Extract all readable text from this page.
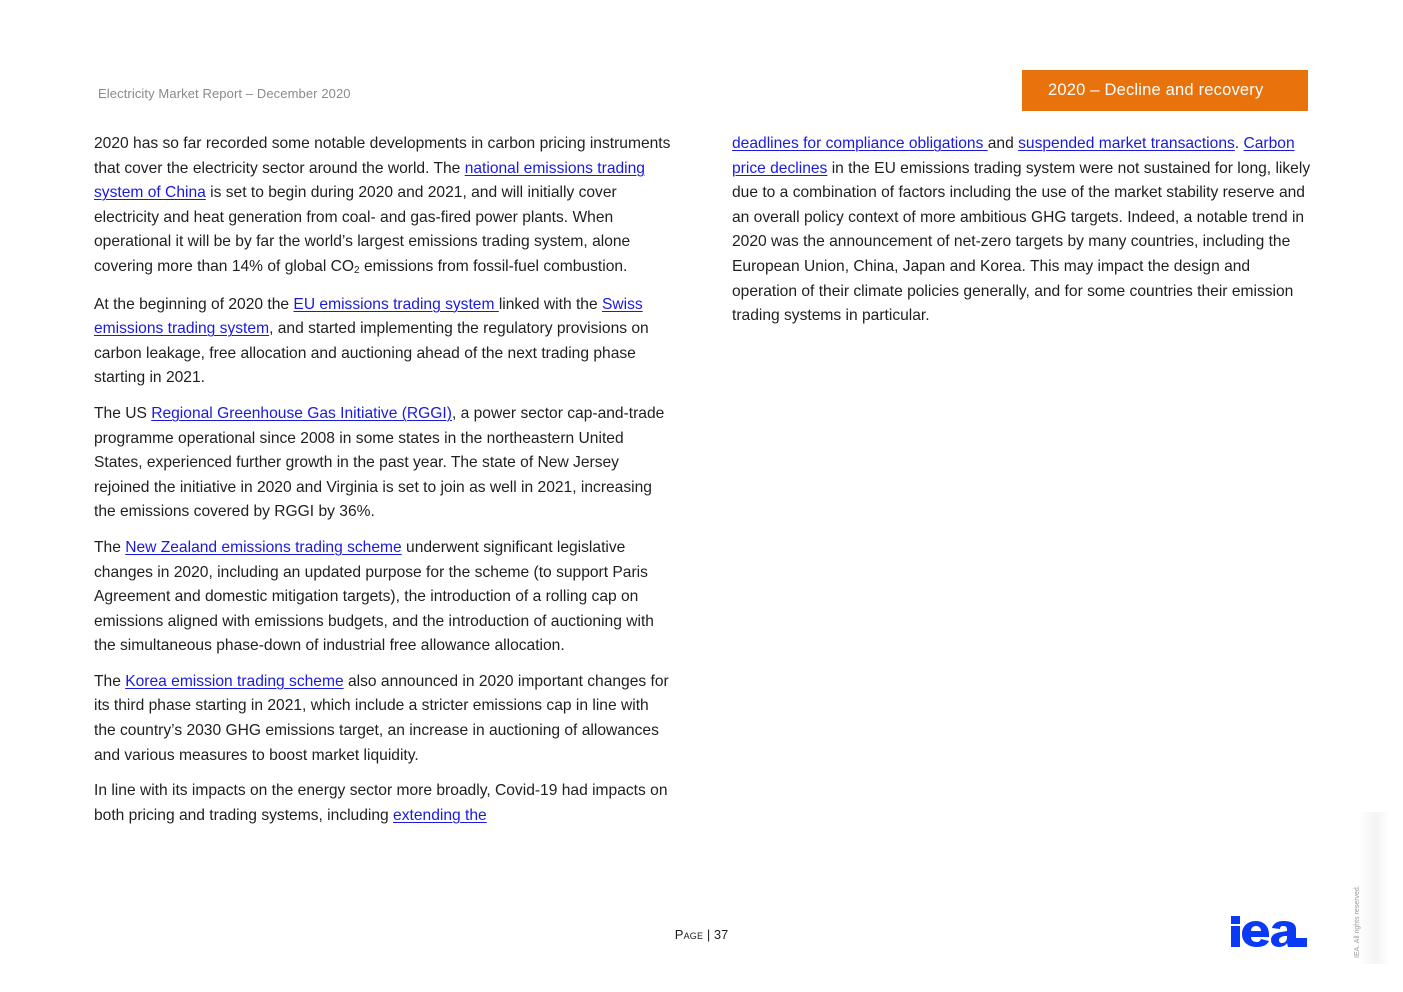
Electricity Market Report – December 2020	2020 – Decline and recovery

2020 has so far recorded some notable developments in carbon pricing instruments that cover the electricity sector around the world. The national emissions trading system of China is set to begin during 2020 and 2021, and will initially cover electricity and heat generation from coal- and gas-fired power plants. When operational it will be by far the world’s largest emissions trading system, alone covering more than 14% of global CO2 emissions from fossil-fuel combustion.

At the beginning of 2020 the EU emissions trading system linked with the Swiss emissions trading system, and started implementing the regulatory provisions on carbon leakage, free allocation and auctioning ahead of the next trading phase starting in 2021.

The US Regional Greenhouse Gas Initiative (RGGI), a power sector cap-and-trade programme operational since 2008 in some states in the northeastern United States, experienced further growth in the past year. The state of New Jersey rejoined the initiative in 2020 and Virginia is set to join as well in 2021, increasing the emissions covered by RGGI by 36%.

The New Zealand emissions trading scheme underwent significant legislative changes in 2020, including an updated purpose for the scheme (to support Paris Agreement and domestic mitigation targets), the introduction of a rolling cap on emissions aligned with emissions budgets, and the introduction of auctioning with the simultaneous phase-down of industrial free allowance allocation.

The Korea emission trading scheme also announced in 2020 important changes for its third phase starting in 2021, which include a stricter emissions cap in line with the country’s 2030 GHG emissions target, an increase in auctioning of allowances and various measures to boost market liquidity.

In line with its impacts on the energy sector more broadly, Covid-19 had impacts on both pricing and trading systems, including extending the

deadlines for compliance obligations and suspended market transactions. Carbon price declines in the EU emissions trading system were not sustained for long, likely due to a combination of factors including the use of the market stability reserve and an overall policy context of more ambitious GHG targets. Indeed, a notable trend in 2020 was the announcement of net-zero targets by many countries, including the European Union, China, Japan and Korea. This may impact the design and operation of their climate policies generally, and for some countries their emission trading systems in particular.

Page | 37	IEA. All rights reserved.
